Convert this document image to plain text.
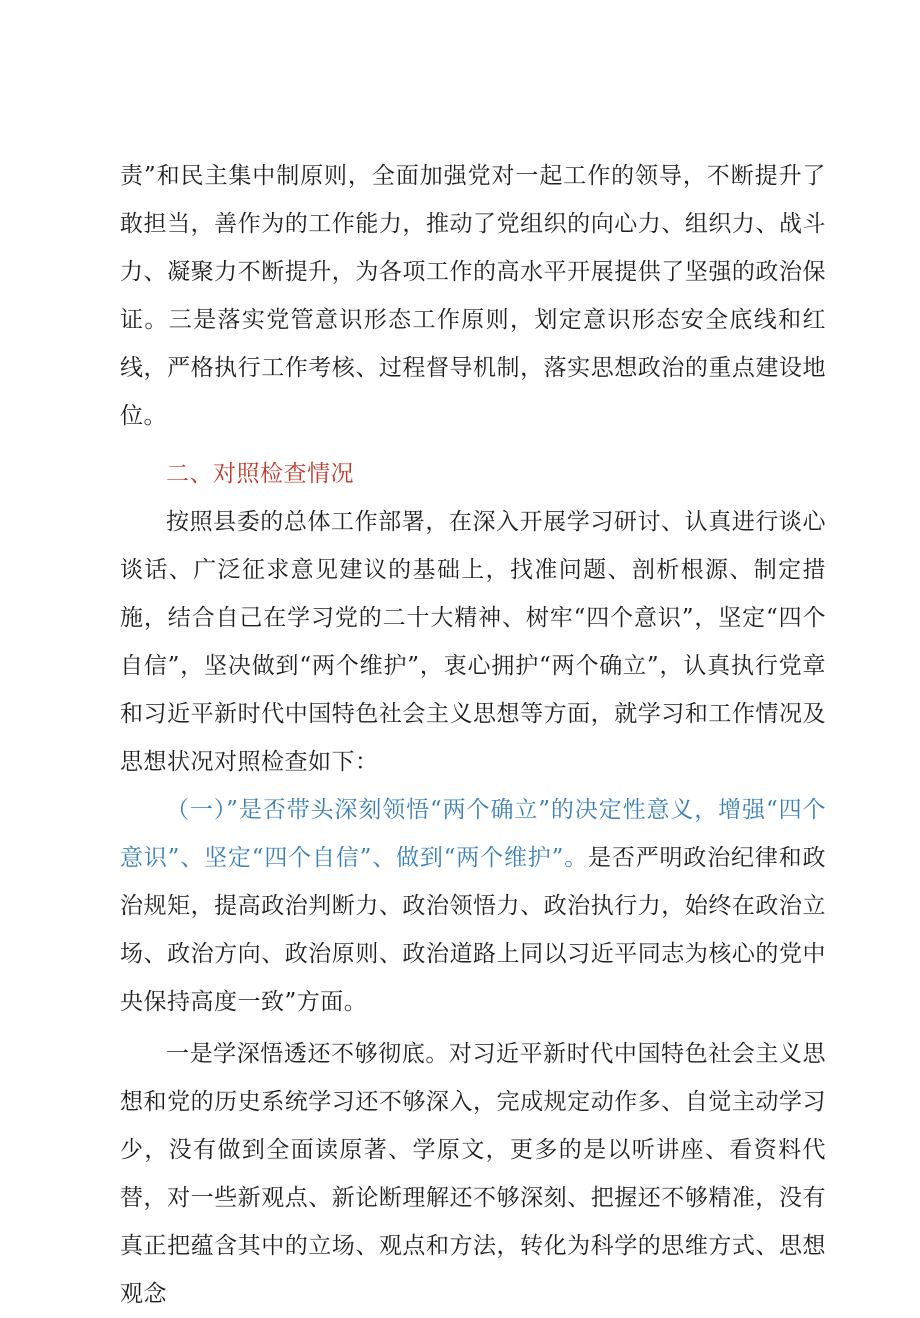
责”和民主集中制原则，全面加强党对一起工作的领导，不断提升了敢担当，善作为的工作能力，推动了党组织的向心力、组织力、战斗力、凝聚力不断提升，为各项工作的高水平开展提供了坚强的政治保证。三是落实党管意识形态工作原则，划定意识形态安全底线和红线，严格执行工作考核、过程督导机制，落实思想政治的重点建设地位。

二、对照检查情况

按照县委的总体工作部署，在深入开展学习研讨、认真进行谈心谈话、广泛征求意见建议的基础上，找准问题、剖析根源、制定措施，结合自己在学习党的二十大精神、树牢“四个意识”，坚定“四个自信”，坚决做到“两个维护”，衷心拥护“两个确立”，认真执行党章和习近平新时代中国特色社会主义思想等方面，就学习和工作情况及思想状况对照检查如下：

（一）”是否带头深刻领悟“两个确立”的决定性意义，增强“四个意识”、坚定“四个自信”、做到“两个维护”。是否严明政治纪律和政治规矩，提高政治判断力、政治领悟力、政治执行力，始终在政治立场、政治方向、政治原则、政治道路上同以习近平同志为核心的党中央保持高度一致”方面。

一是学深悟透还不够彻底。对习近平新时代中国特色社会主义思想和党的历史系统学习还不够深入，完成规定动作多、自觉主动学习少，没有做到全面读原著、学原文，更多的是以听讲座、看资料代替，对一些新观点、新论断理解还不够深刻、把握还不够精准，没有真正把蕴含其中的立场、观点和方法，转化为科学的思维方式、思想观念
